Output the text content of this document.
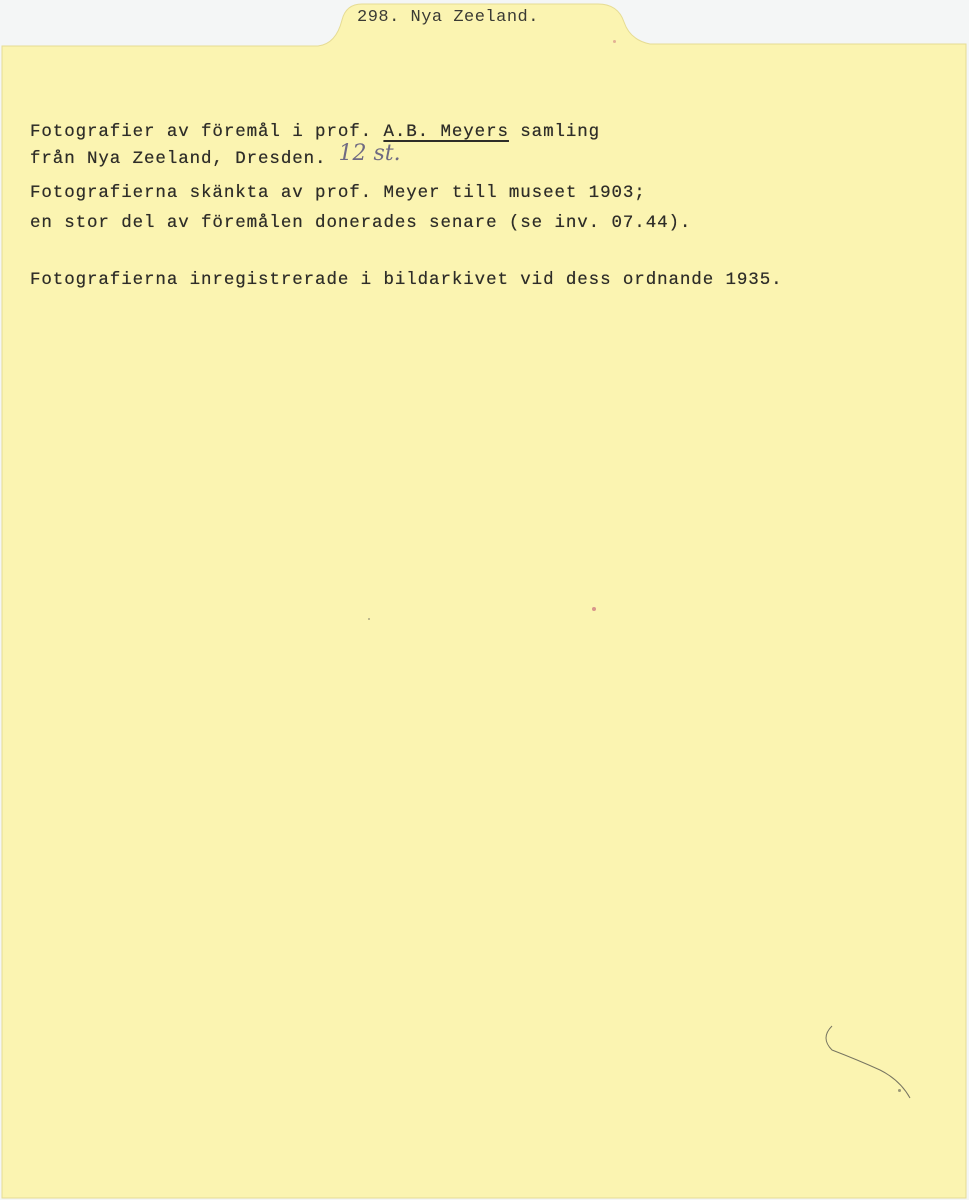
298. Nya Zeeland.
Fotografier av föremål i prof. A.B. Meyers samling
från Nya Zeeland, Dresden. 12 st.
Fotografierna skänkta av prof. Meyer till museet 1903;
en stor del av föremålen donerades senare (se inv. 07.44).
Fotografierna inregistrerade i bildarkivet vid dess ordnande 1935.
